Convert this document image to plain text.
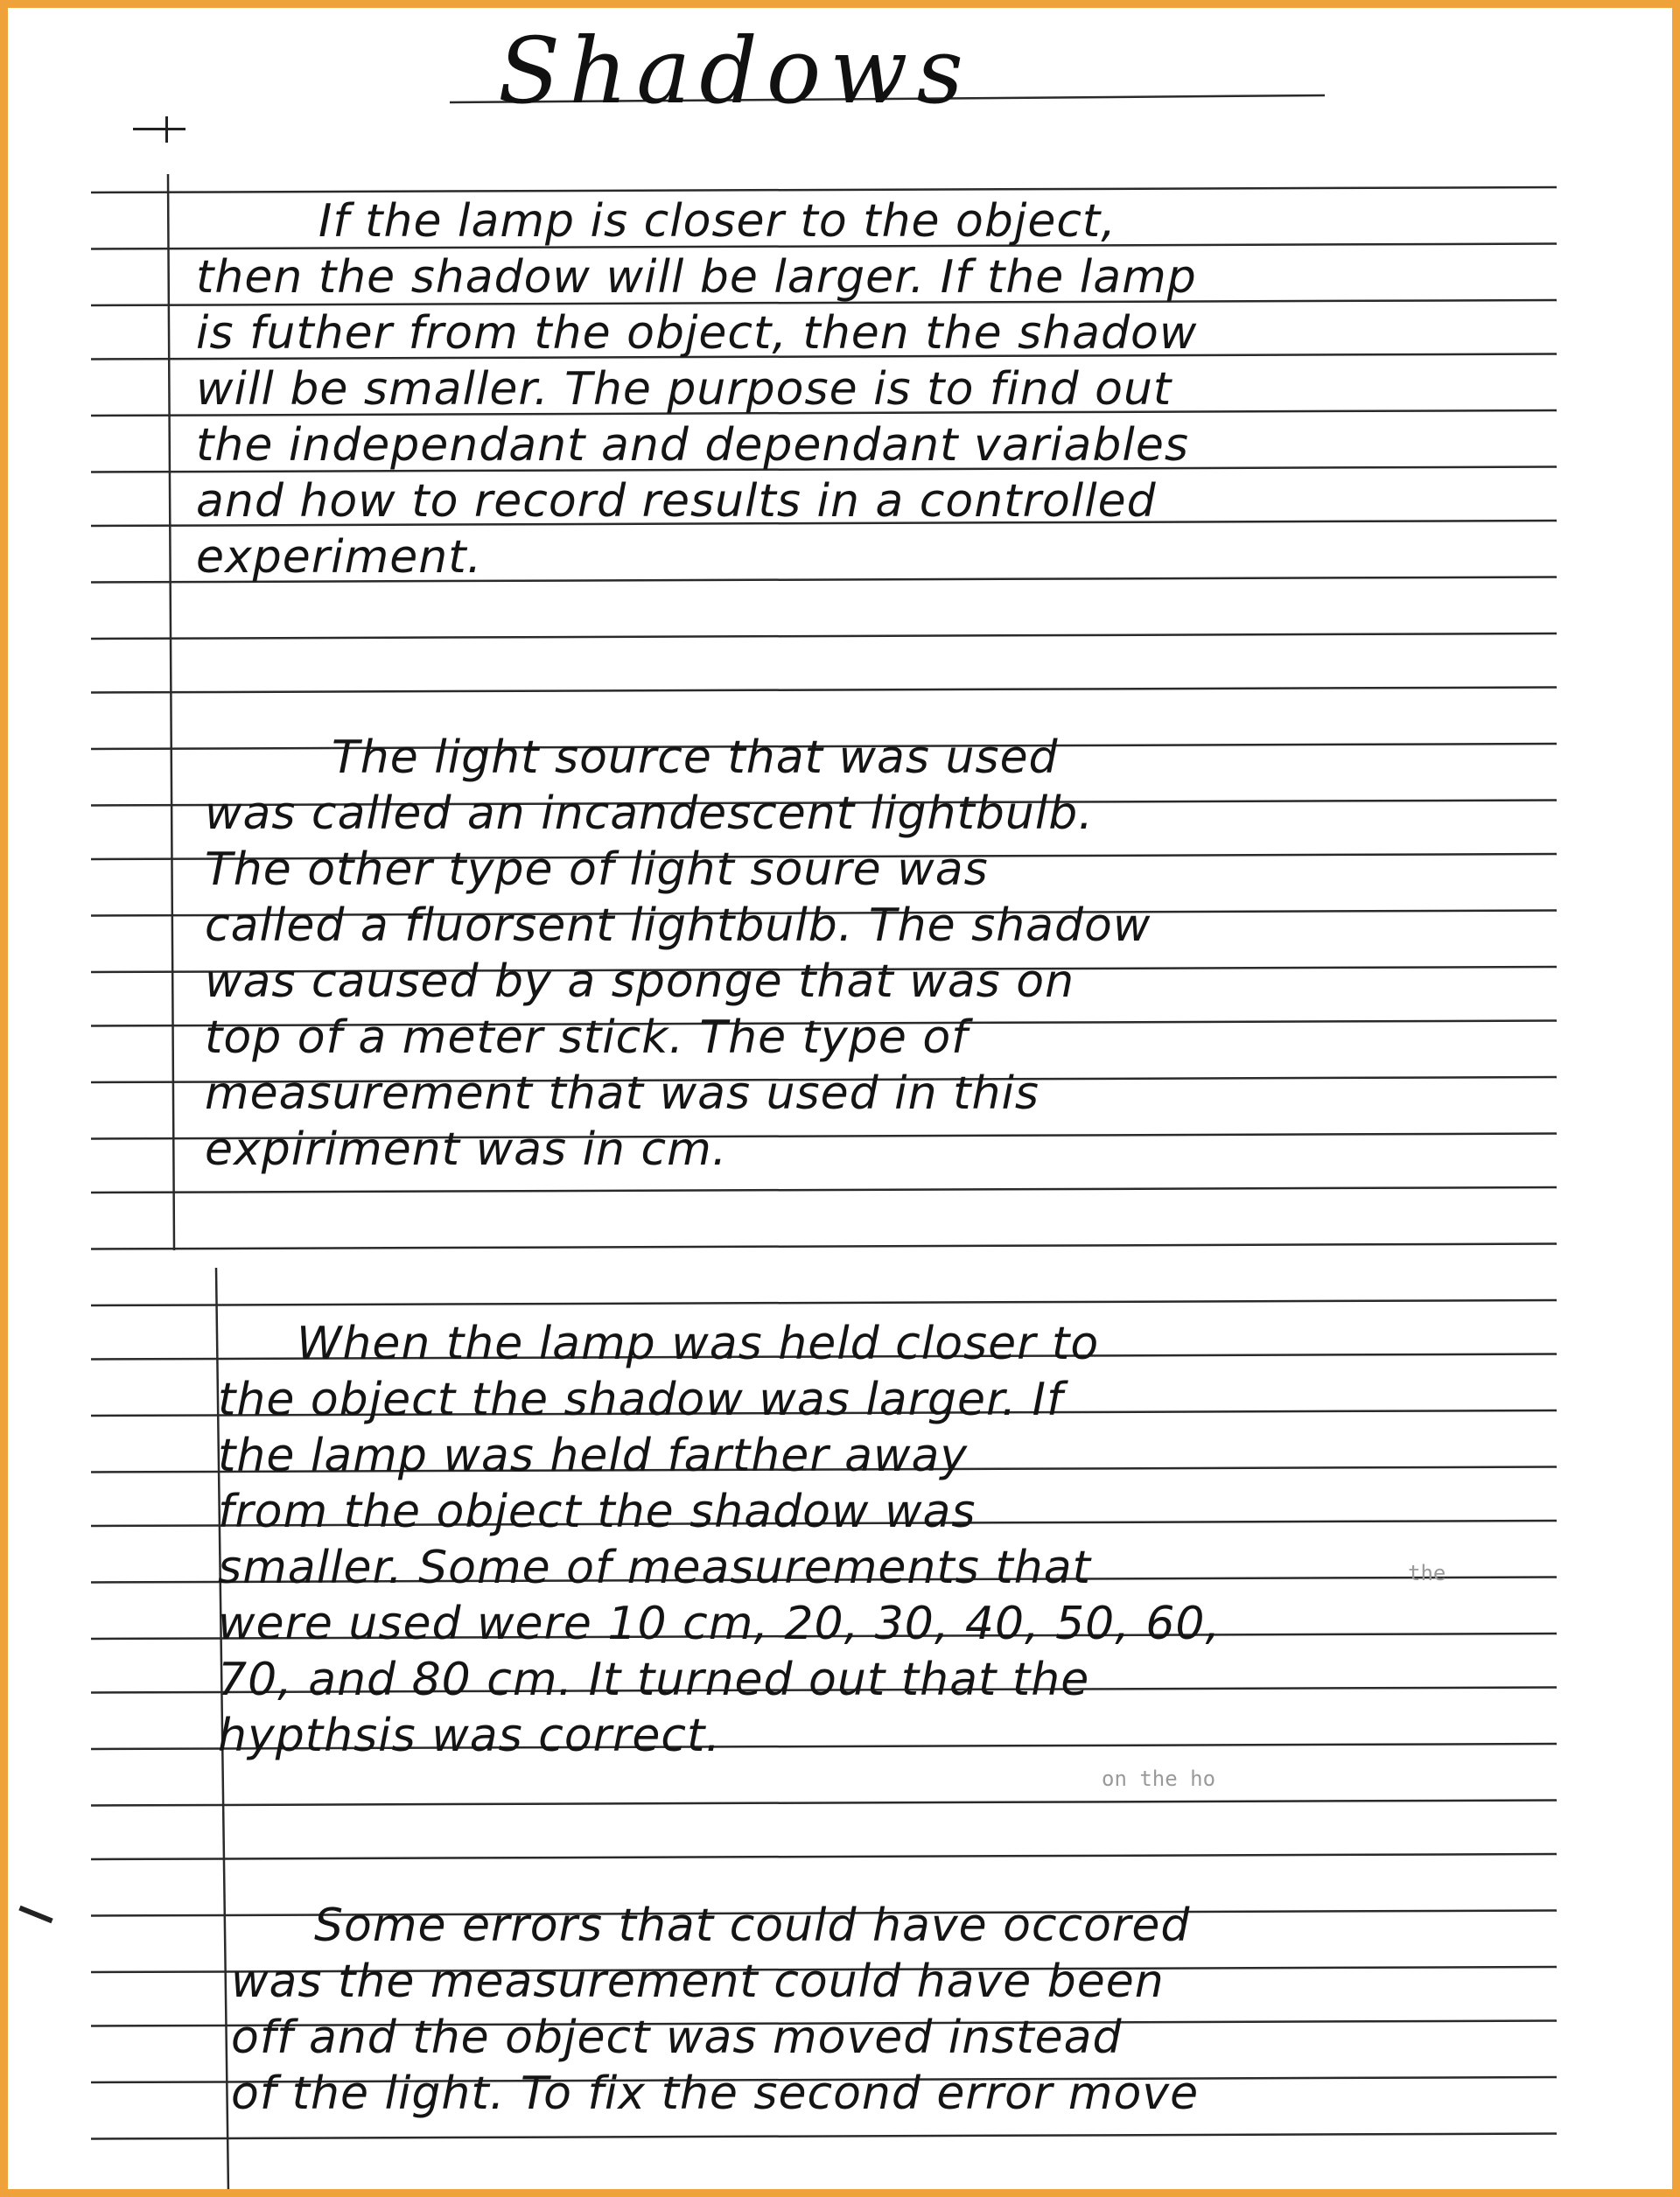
Shadows
If the lamp is closer to the object,
then the shadow will be larger. If the lamp
is futher from the object, then the shadow
will be smaller. The purpose is to find out
the independant and dependant variables
and how to record results in a controlled
experiment.
The light source that was used
was called an incandescent lightbulb.
The other type of light soure was
called a fluorsent lightbulb. The shadow
was caused by a sponge that was on
top of a meter stick. The type of
measurement that was used in this
expiriment was in cm.
When the lamp was held closer to
the object the shadow was larger. If
the lamp was held farther away
from the object the shadow was
smaller. Some of measurements that
were used were 10 cm, 20, 30, 40, 50, 60,
70, and 80 cm. It turned out that the
hypthsis was correct.
Some errors that could have occored
was the measurement could have been
off and the object was moved instead
of the light. To fix the second error move
the
on the ho
